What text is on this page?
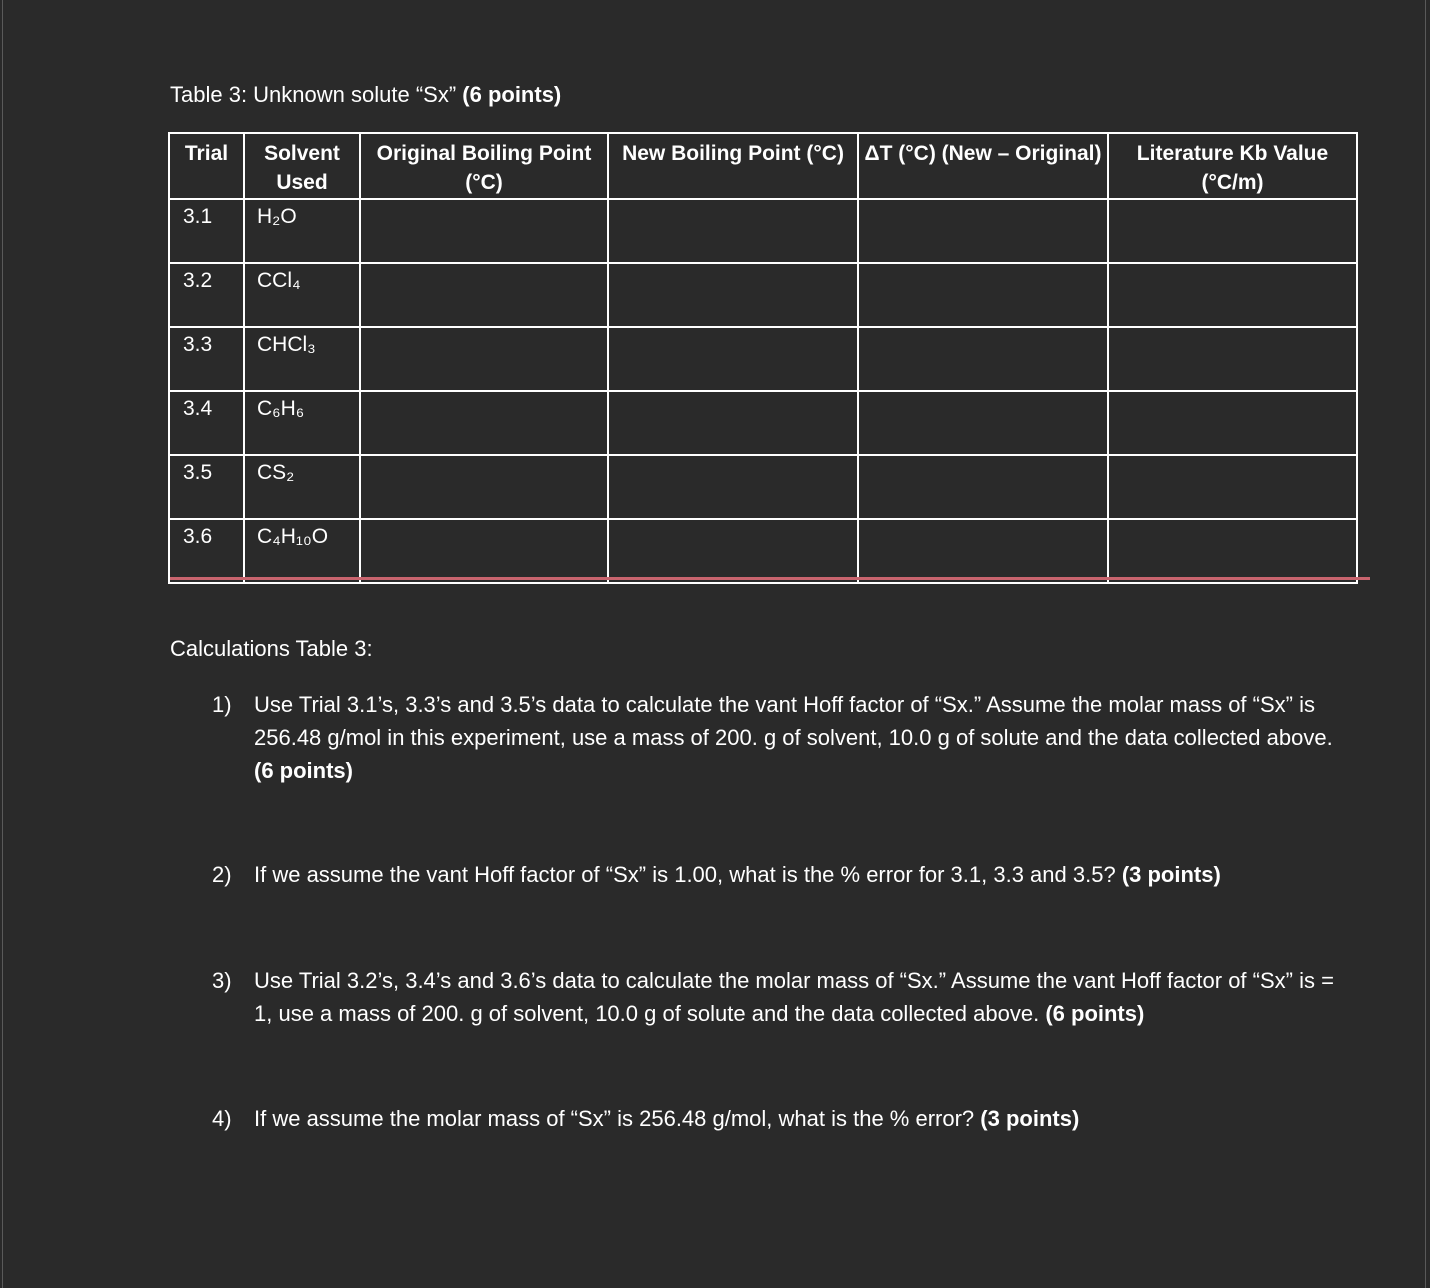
Table 3: Unknown solute “Sx” (6 points)
Trial	Solvent Used	Original Boiling Point (°C)	New Boiling Point (°C)	ΔT (°C) (New – Original)	Literature Kb Value (°C/m)
3.1	H₂O				
3.2	CCl₄				
3.3	CHCl₃				
3.4	C₆H₆				
3.5	CS₂				
3.6	C₄H₁₀O				
Calculations Table 3:
1) Use Trial 3.1’s, 3.3’s and 3.5’s data to calculate the vant Hoff factor of “Sx.” Assume the molar mass of “Sx” is 256.48 g/mol in this experiment, use a mass of 200. g of solvent, 10.0 g of solute and the data collected above. (6 points)
2) If we assume the vant Hoff factor of “Sx” is 1.00, what is the % error for 3.1, 3.3 and 3.5? (3 points)
3) Use Trial 3.2’s, 3.4’s and 3.6’s data to calculate the molar mass of “Sx.” Assume the vant Hoff factor of “Sx” is = 1, use a mass of 200. g of solvent, 10.0 g of solute and the data collected above. (6 points)
4) If we assume the molar mass of “Sx” is 256.48 g/mol, what is the % error? (3 points)
